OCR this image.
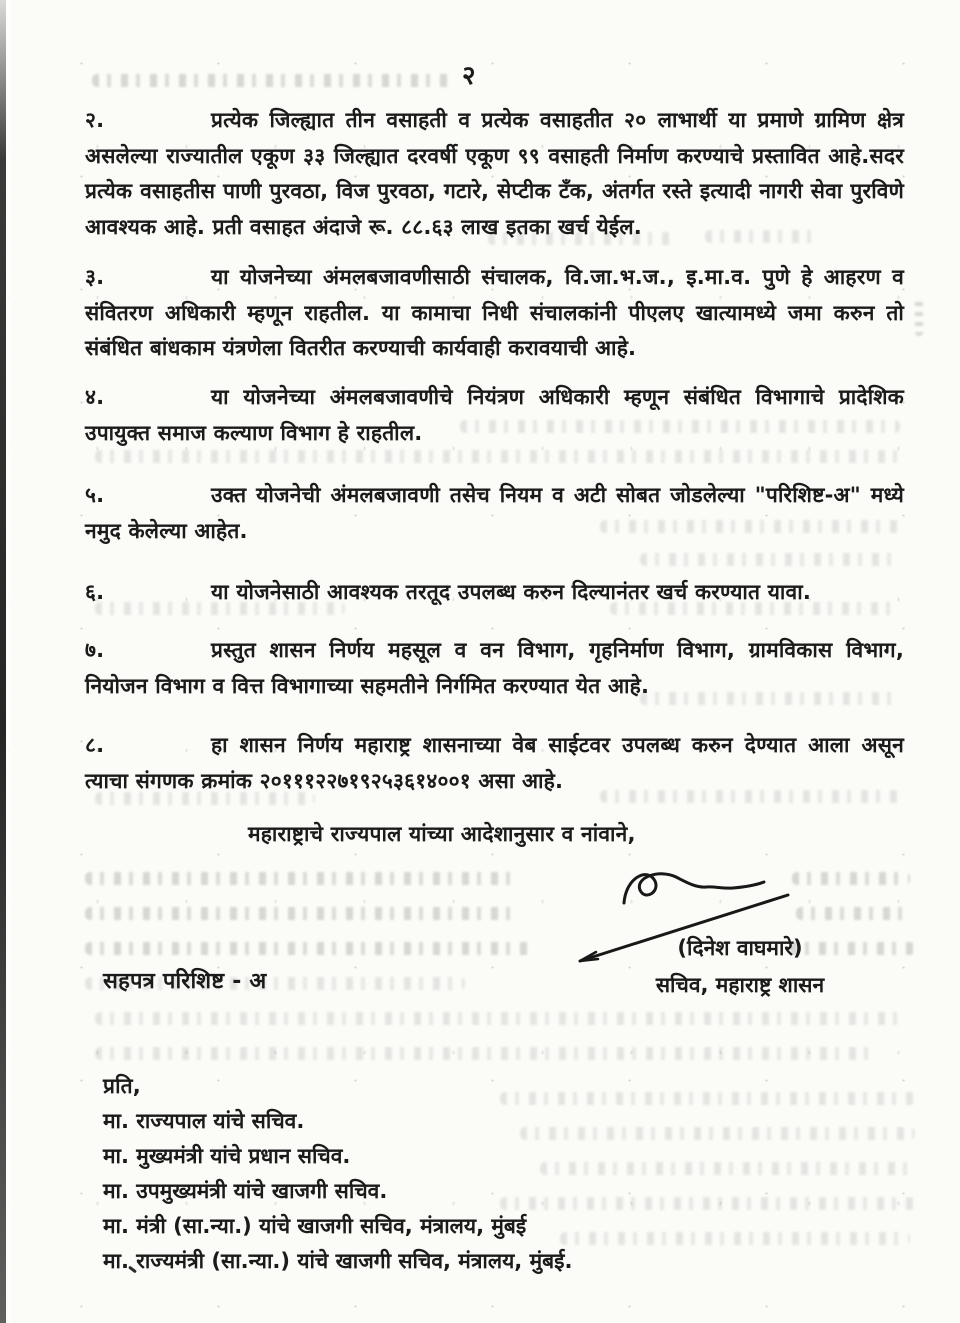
२
२.	प्रत्येक जिल्ह्यात तीन वसाहती व प्रत्येक वसाहतीत २० लाभार्थी या प्रमाणे ग्रामिण क्षेत्र असलेल्या राज्यातील एकूण ३३ जिल्ह्यात दरवर्षी एकूण ९९ वसाहती निर्माण करण्याचे प्रस्तावित आहे.सदर प्रत्येक वसाहतीस पाणी पुरवठा, विज पुरवठा, गटारे, सेप्टीक टँक, अंतर्गत रस्ते इत्यादी नागरी सेवा पुरविणे आवश्यक आहे. प्रती वसाहत अंदाजे रू. ८८.६३ लाख इतका खर्च येईल.
३.	या योजनेच्या अंमलबजावणीसाठी संचालक, वि.जा.भ.ज., इ.मा.व. पुणे हे आहरण व संवितरण अधिकारी म्हणून राहतील. या कामाचा निधी संचालकांनी पीएलए खात्यामध्ये जमा करुन तो संबंधित बांधकाम यंत्रणेला वितरीत करण्याची कार्यवाही करावयाची आहे.
४.	या योजनेच्या अंमलबजावणीचे नियंत्रण अधिकारी म्हणून संबंधित विभागाचे प्रादेशिक उपायुक्त समाज कल्याण विभाग हे राहतील.
५.	उक्त योजनेची अंमलबजावणी तसेच नियम व अटी सोबत जोडलेल्या "परिशिष्ट-अ" मध्ये नमुद केलेल्या आहेत.
६.	या योजनेसाठी आवश्यक तरतूद उपलब्ध करुन दिल्यानंतर खर्च करण्यात यावा.
७.	प्रस्तुत शासन निर्णय महसूल व वन विभाग, गृहनिर्माण विभाग, ग्रामविकास विभाग, नियोजन विभाग व वित्त विभागाच्या सहमतीने निर्गमित करण्यात येत आहे.
८.	हा शासन निर्णय महाराष्ट्र शासनाच्या वेब साईटवर उपलब्ध करुन देण्यात आला असून त्याचा संगणक क्रमांक २०१११२२७१९२५३६१४००१ असा आहे.
महाराष्ट्राचे राज्यपाल यांच्या आदेशानुसार व नांवाने,
(दिनेश वाघमारे)
सचिव, महाराष्ट्र शासन
सहपत्र परिशिष्ट - अ
प्रति,
मा. राज्यपाल यांचे सचिव.
मा. मुख्यमंत्री यांचे प्रधान सचिव.
मा. उपमुख्यमंत्री यांचे खाजगी सचिव.
मा. मंत्री (सा.न्या.) यांचे खाजगी सचिव, मंत्रालय, मुंबई
मा. राज्यमंत्री (सा.न्या.) यांचे खाजगी सचिव, मंत्रालय, मुंबई.
